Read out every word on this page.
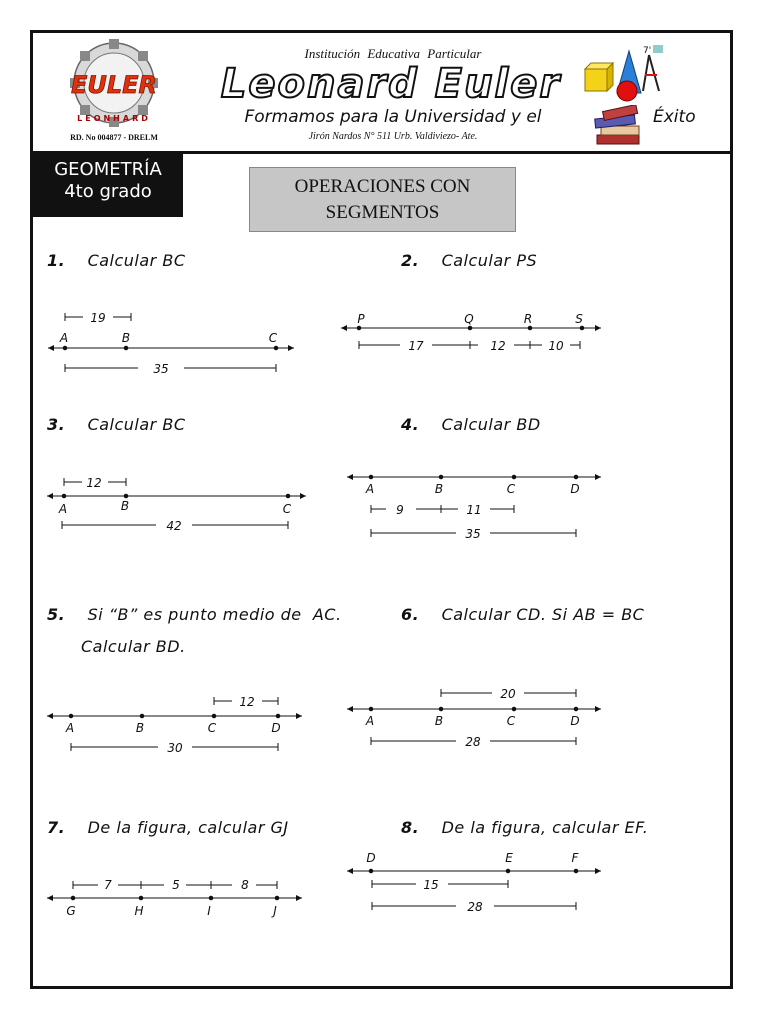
EULER
LEONHARD
RD. No 004877 - DRELM
Institución Educativa Particular
Leonard Euler
Formamos para la Universidad y el
Jirón Nardos N° 511 Urb. Valdiviezo- Ate.
7'
Éxito
GEOMETRÍA
4to grado	OPERACIONES CON
SEGMENTOS
1. Calcular BC	2. Calcular PS
3. Calcular BC	4. Calcular BD
5. Si “B” es punto medio de  AC.
Calcular BD.
6. Calcular CD. Si AB = BC
7. De la figura, calcular GJ	8. De la figura, calcular EF.
19
A	B	C
35
P	Q	R	S
17	12	10
12
A	B	C
42
A	B	C	D
9	11
35
12
A	B	C	D
30
20
A	B	C	D
28
7	5	8
G	H	I	J
D	E	F
15
28
